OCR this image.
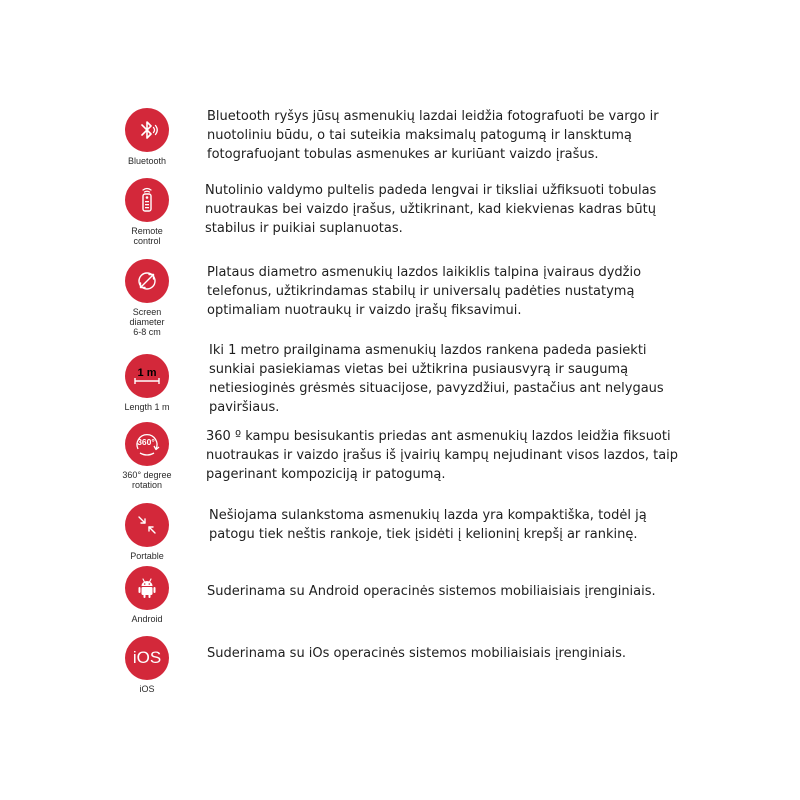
Bluetooth
Bluetooth ryšys jūsų asmenukių lazdai leidžia fotografuoti be vargo ir nuotoliniu būdu, o tai suteikia maksimalų patogumą ir lansktumą fotografuojant tobulas asmenukes ar kuriūant vaizdo įrašus.
Remote
control
Nutolinio valdymo pultelis padeda lengvai ir tiksliai užfiksuoti tobulas nuotraukas bei vaizdo įrašus, užtikrinant, kad kiekvienas kadras būtų stabilus ir puikiai suplanuotas.
Screen
diameter
6-8 cm
Plataus diametro asmenukių lazdos laikiklis talpina įvairaus dydžio telefonus, užtikrindamas stabilų ir universalų padėties nustatymą optimaliam nuotraukų ir vaizdo įrašų fiksavimui.
1 m
Length 1 m
Iki 1 metro prailginama asmenukių lazdos rankena padeda pasiekti sunkiai pasiekiamas vietas bei užtikrina pusiausvyrą ir saugumą netiesioginės grėsmės situacijose, pavyzdžiui, pastačius ant nelygaus paviršiaus.
360°
360° degree
rotation
360 º kampu besisukantis priedas ant asmenukių lazdos leidžia fiksuoti nuotraukas ir vaizdo įrašus iš įvairių kampų nejudinant visos lazdos, taip pagerinant kompoziciją ir patogumą.
Portable
Nešiojama sulankstoma asmenukių lazda yra kompaktiška, todėl ją patogu tiek neštis rankoje, tiek įsidėti į kelioninį krepšį ar rankinę.
Android
Suderinama su Android operacinės sistemos mobiliaisiais įrenginiais.
iOS
iOS
Suderinama su iOs operacinės sistemos mobiliaisiais įrenginiais.
